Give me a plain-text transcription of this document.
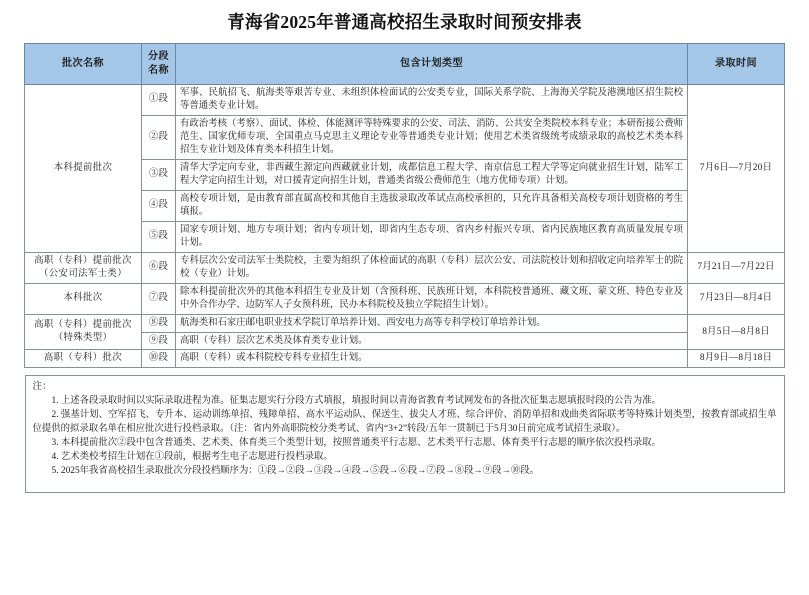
青海省2025年普通高校招生录取时间预安排表
批次名称	分段名称	包含计划类型	录取时间
本科提前批次	①段	军事、民航招飞、航海类等艰苦专业、未组织体检面试的公安类专业，国际关系学院、上海海关学院及港澳地区招生院校等普通类专业计划。	7月6日—7月20日
	②段	有政治考核（考察）、面试、体检、体能测评等特殊要求的公安、司法、消防、公共安全类院校本科专业；本研衔接公费师范生、国家优师专项、全国重点马克思主义理论专业等普通类专业计划；使用艺术类省级统考成绩录取的高校艺术类本科招生专业计划及体育类本科招生计划。	
	③段	清华大学定向专业，非西藏生源定向西藏就业计划，成都信息工程大学、南京信息工程大学等定向就业招生计划，陆军工程大学定向招生计划，对口援青定向招生计划，普通类省级公费师范生（地方优师专项）计划。	
	④段	高校专项计划，是由教育部直属高校和其他自主选拔录取改革试点高校承担的，只允许具备相关高校专项计划资格的考生填报。	
	⑤段	国家专项计划、地方专项计划；省内专项计划，即省内生态专项、省内乡村振兴专项、省内民族地区教育高质量发展专项计划。	
高职（专科）提前批次
（公安司法军士类）	⑥段	专科层次公安司法军士类院校，主要为组织了体检面试的高职（专科）层次公安、司法院校计划和招收定向培养军士的院校（专业）计划。	7月21日—7月22日
本科批次	⑦段	除本科提前批次外的其他本科招生专业及计划（含预科班、民族班计划，本科院校普通班、藏文班、蒙文班、特色专业及中外合作办学、边防军人子女预科班，民办本科院校及独立学院招生计划）。	7月23日—8月4日
高职（专科）提前批次
（特殊类型）	⑧段	航海类和石家庄邮电职业技术学院订单培养计划、西安电力高等专科学校订单培养计划。	8月5日—8月8日
	⑨段	高职（专科）层次艺术类及体育类专业计划。	
高职（专科）批次	⑩段	高职（专科）或本科院校专科专业招生计划。	8月9日—8月18日
注：
1. 上述各段录取时间以实际录取进程为准。征集志愿实行分段方式填报，填报时间以青海省教育考试网发布的各批次征集志愿填报时段的公告为准。
2. 强基计划、空军招飞、专升本、运动训练单招、残障单招、高水平运动队、保送生、拔尖人才班、综合评价、消防单招和戏曲类省际联考等特殊计划类型，按教育部或招生单位提供的拟录取名单在相应批次进行投档录取。（注：省内外高职院校分类考试、省内“3+2”转段/五年一贯制已于5月30日前完成考试招生录取）。
3. 本科提前批次②段中包含普通类、艺术类、体育类三个类型计划，按照普通类平行志愿、艺术类平行志愿、体育类平行志愿的顺序依次投档录取。
4. 艺术类校考招生计划在①段前，根据考生电子志愿进行投档录取。
5. 2025年我省高校招生录取批次分段投档顺序为：①段→②段→③段→④段→⑤段→⑥段→⑦段→⑧段→⑨段→⑩段。
